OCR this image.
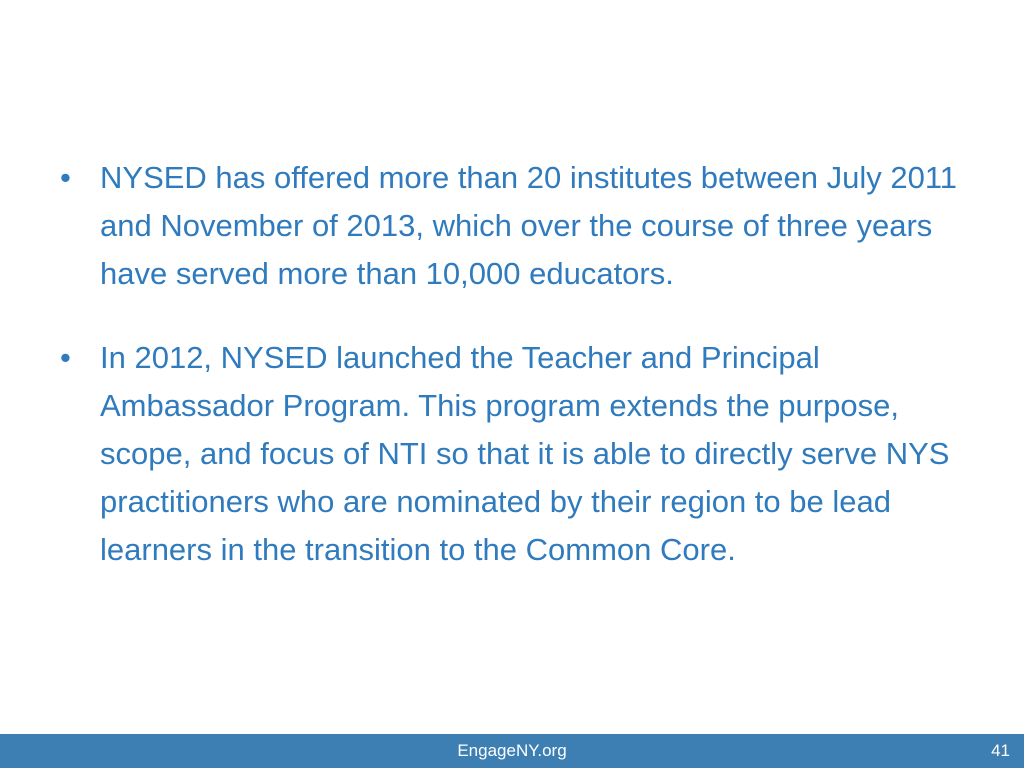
• NYSED has offered more than 20 institutes between July 2011 and November of 2013, which over the course of three years have served more than 10,000 educators.
• In 2012, NYSED launched the Teacher and Principal Ambassador Program. This program extends the purpose, scope, and focus of NTI so that it is able to directly serve NYS practitioners who are nominated by their region to be lead learners in the transition to the Common Core.
EngageNY.org	41
